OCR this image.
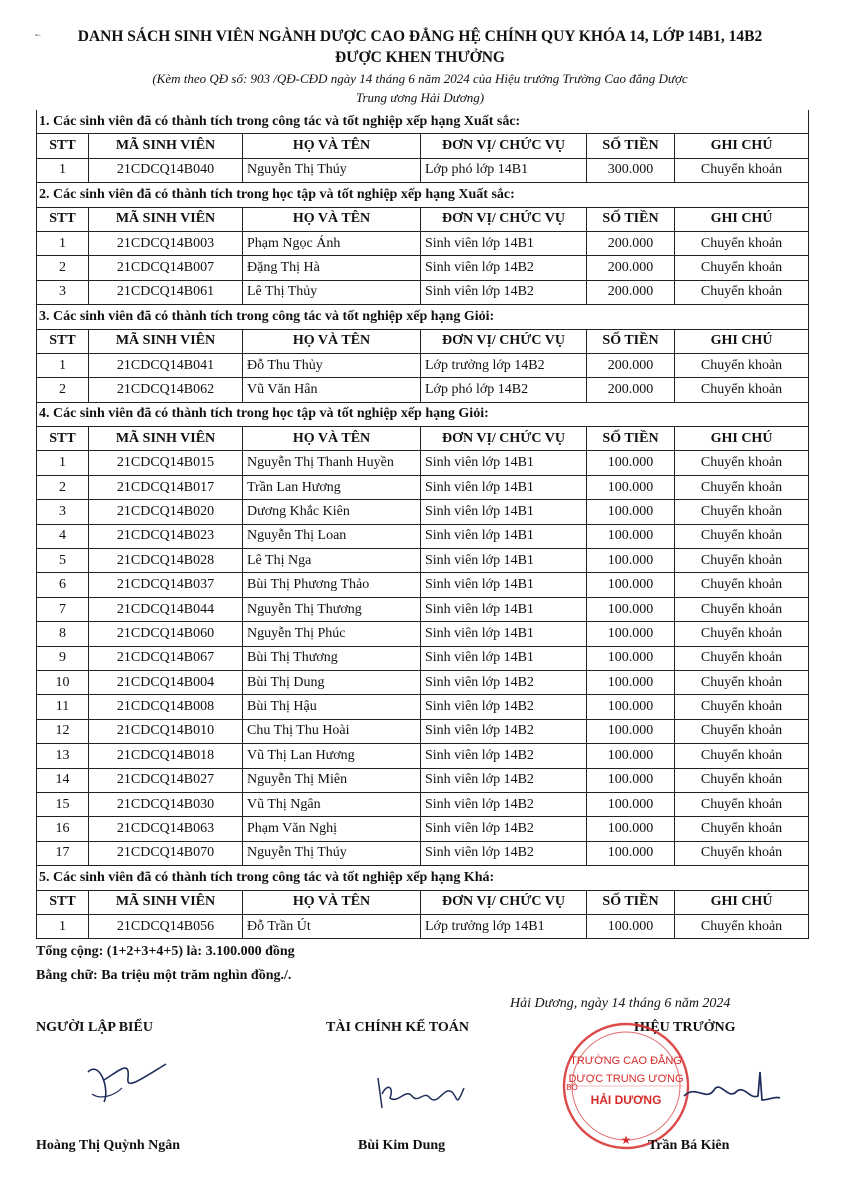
↓	DANH SÁCH SINH VIÊN NGÀNH DƯỢC CAO ĐẲNG HỆ CHÍNH QUY KHÓA 14, LỚP 14B1, 14B2
ĐƯỢC KHEN THƯỞNG
(Kèm theo QĐ số: 903 /QĐ-CĐD ngày 14 tháng 6 năm 2024 của Hiệu trưởng Trường Cao đẳng Dược
Trung ương Hải Dương)
1. Các sinh viên đã có thành tích trong công tác và tốt nghiệp xếp hạng Xuất sắc:					
STT	MÃ SINH VIÊN	HỌ VÀ TÊN	ĐƠN VỊ/ CHỨC VỤ	SỐ TIỀN	GHI CHÚ
1	21CDCQ14B040	Nguyễn Thị Thúy	Lớp phó lớp 14B1	300.000	Chuyển khoản
2. Các sinh viên đã có thành tích trong học tập và tốt nghiệp xếp hạng Xuất sắc:					
STT	MÃ SINH VIÊN	HỌ VÀ TÊN	ĐƠN VỊ/ CHỨC VỤ	SỐ TIỀN	GHI CHÚ
1	21CDCQ14B003	Phạm Ngọc Ánh	Sinh viên lớp 14B1	200.000	Chuyển khoản
2	21CDCQ14B007	Đặng Thị Hà	Sinh viên lớp 14B2	200.000	Chuyển khoản
3	21CDCQ14B061	Lê Thị Thủy	Sinh viên lớp 14B2	200.000	Chuyển khoản
3. Các sinh viên đã có thành tích trong công tác và tốt nghiệp xếp hạng Giỏi:					
STT	MÃ SINH VIÊN	HỌ VÀ TÊN	ĐƠN VỊ/ CHỨC VỤ	SỐ TIỀN	GHI CHÚ
1	21CDCQ14B041	Đỗ Thu Thủy	Lớp trưởng lớp 14B2	200.000	Chuyển khoản
2	21CDCQ14B062	Vũ Văn Hân	Lớp phó lớp 14B2	200.000	Chuyển khoản
4. Các sinh viên đã có thành tích trong học tập và tốt nghiệp xếp hạng Giỏi:					
STT	MÃ SINH VIÊN	HỌ VÀ TÊN	ĐƠN VỊ/ CHỨC VỤ	SỐ TIỀN	GHI CHÚ
1	21CDCQ14B015	Nguyễn Thị Thanh Huyền	Sinh viên lớp 14B1	100.000	Chuyển khoản
2	21CDCQ14B017	Trần Lan Hương	Sinh viên lớp 14B1	100.000	Chuyển khoản
3	21CDCQ14B020	Dương Khắc Kiên	Sinh viên lớp 14B1	100.000	Chuyển khoản
4	21CDCQ14B023	Nguyễn Thị Loan	Sinh viên lớp 14B1	100.000	Chuyển khoản
5	21CDCQ14B028	Lê Thị Nga	Sinh viên lớp 14B1	100.000	Chuyển khoản
6	21CDCQ14B037	Bùi Thị Phương Thảo	Sinh viên lớp 14B1	100.000	Chuyển khoản
7	21CDCQ14B044	Nguyễn Thị Thương	Sinh viên lớp 14B1	100.000	Chuyển khoản
8	21CDCQ14B060	Nguyễn Thị Phúc	Sinh viên lớp 14B1	100.000	Chuyển khoản
9	21CDCQ14B067	Bùi Thị Thương	Sinh viên lớp 14B1	100.000	Chuyển khoản
10	21CDCQ14B004	Bùi Thị Dung	Sinh viên lớp 14B2	100.000	Chuyển khoản
11	21CDCQ14B008	Bùi Thị Hậu	Sinh viên lớp 14B2	100.000	Chuyển khoản
12	21CDCQ14B010	Chu Thị Thu Hoài	Sinh viên lớp 14B2	100.000	Chuyển khoản
13	21CDCQ14B018	Vũ Thị Lan Hương	Sinh viên lớp 14B2	100.000	Chuyển khoản
14	21CDCQ14B027	Nguyễn Thị Miên	Sinh viên lớp 14B2	100.000	Chuyển khoản
15	21CDCQ14B030	Vũ Thị Ngân	Sinh viên lớp 14B2	100.000	Chuyển khoản
16	21CDCQ14B063	Phạm Văn Nghị	Sinh viên lớp 14B2	100.000	Chuyển khoản
17	21CDCQ14B070	Nguyễn Thị Thúy	Sinh viên lớp 14B2	100.000	Chuyển khoản
5. Các sinh viên đã có thành tích trong công tác và tốt nghiệp xếp hạng Khá:					
STT	MÃ SINH VIÊN	HỌ VÀ TÊN	ĐƠN VỊ/ CHỨC VỤ	SỐ TIỀN	GHI CHÚ
1	21CDCQ14B056	Đỗ Trần Út	Lớp trưởng lớp 14B1	100.000	Chuyển khoản
Tổng cộng: (1+2+3+4+5) là: 3.100.000 đồng
Bằng chữ: Ba triệu một trăm nghìn đồng./.
Hải Dương, ngày 14 tháng 6 năm 2024
NGƯỜI LẬP BIỂU
Hoàng Thị Quỳnh Ngân
TÀI CHÍNH KẾ TOÁN
Bùi Kim Dung
HIỆU TRƯỞNG
TRƯỜNG CAO ĐẲNG
DƯỢC TRUNG ƯƠNG
HẢI DƯƠNG
BỘ
★ Trần Bá Kiên
